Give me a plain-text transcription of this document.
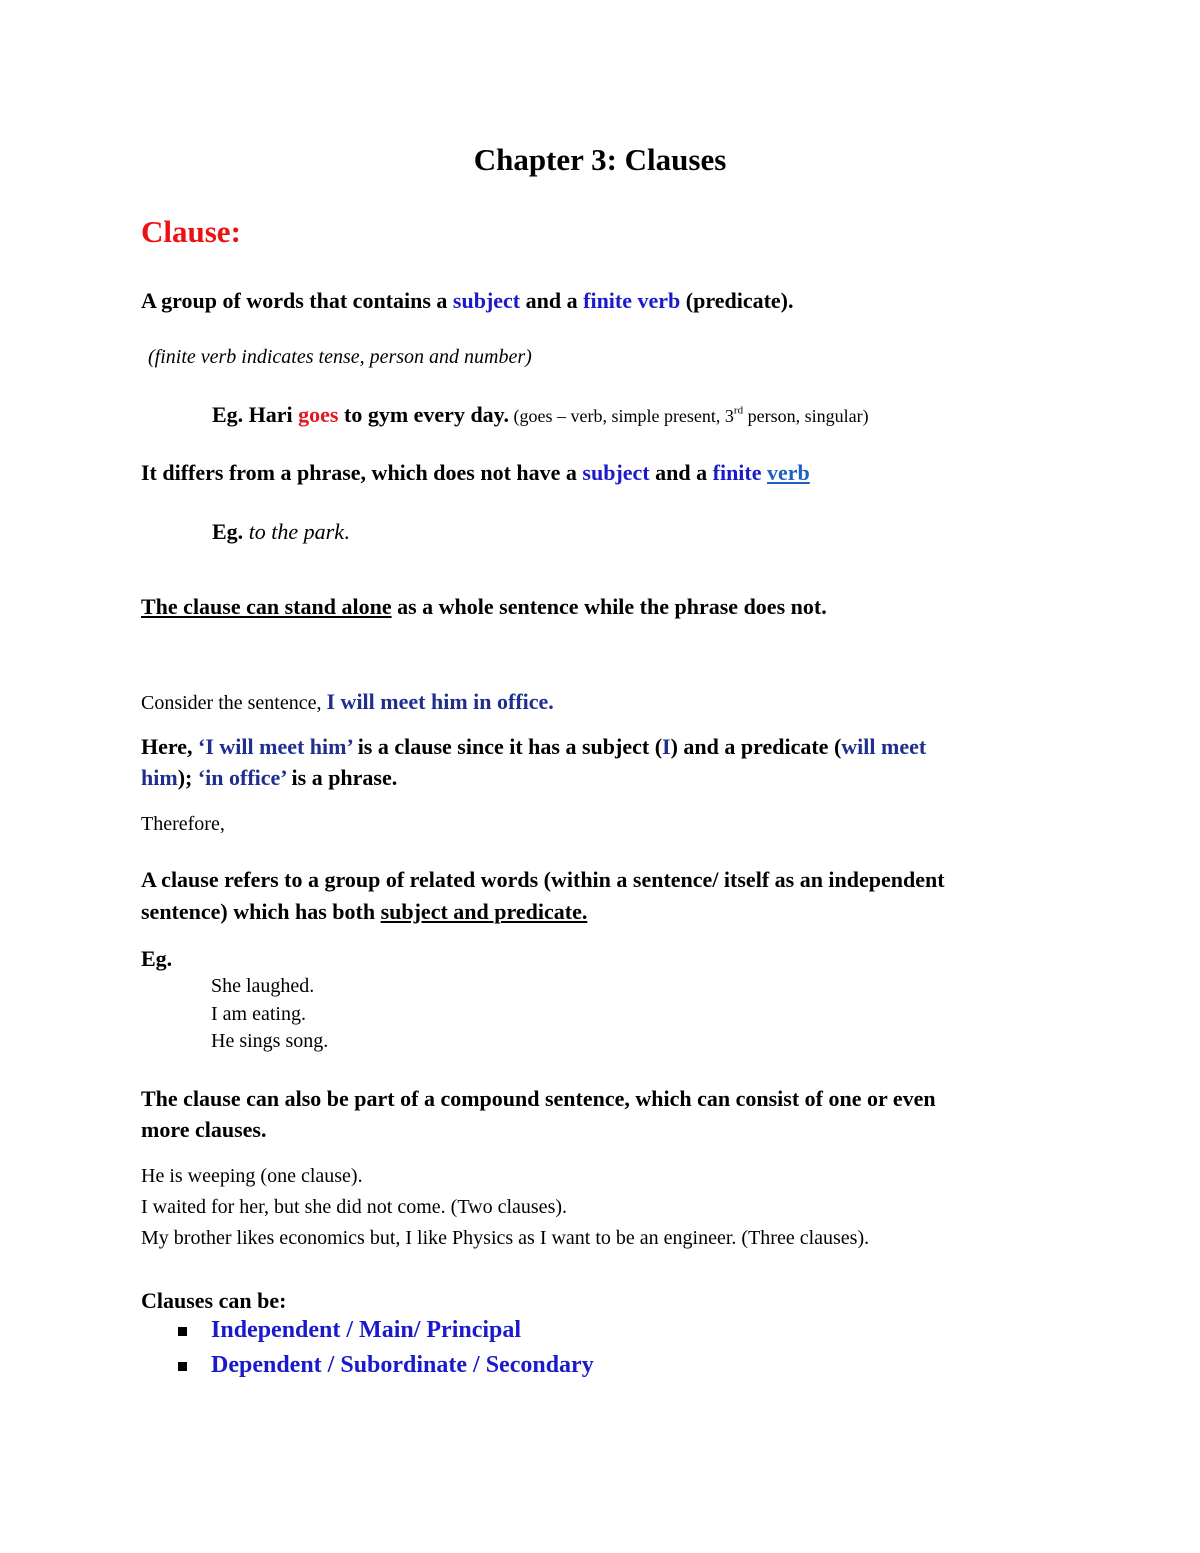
Chapter 3: Clauses
Clause:
A group of words that contains a subject and a finite verb (predicate).
(finite verb indicates tense, person and number)
Eg. Hari goes to gym every day. (goes – verb, simple present, 3rd person, singular)
It differs from a phrase, which does not have a subject and a finite verb
Eg. to the park.
The clause can stand alone as a whole sentence while the phrase does not.
Consider the sentence, I will meet him in office.
Here, ‘I will meet him’ is a clause since it has a subject (I) and a predicate (will meet
him); ‘in office’ is a phrase.
Therefore,
A clause refers to a group of related words (within a sentence/ itself as an independent
sentence) which has both subject and predicate.
Eg.
She laughed.
I am eating.
He sings song.
The clause can also be part of a compound sentence, which can consist of one or even
more clauses.
He is weeping (one clause).
I waited for her, but she did not come. (Two clauses).
My brother likes economics but, I like Physics as I want to be an engineer. (Three clauses).
Clauses can be:
Independent / Main/ Principal
Dependent / Subordinate / Secondary
